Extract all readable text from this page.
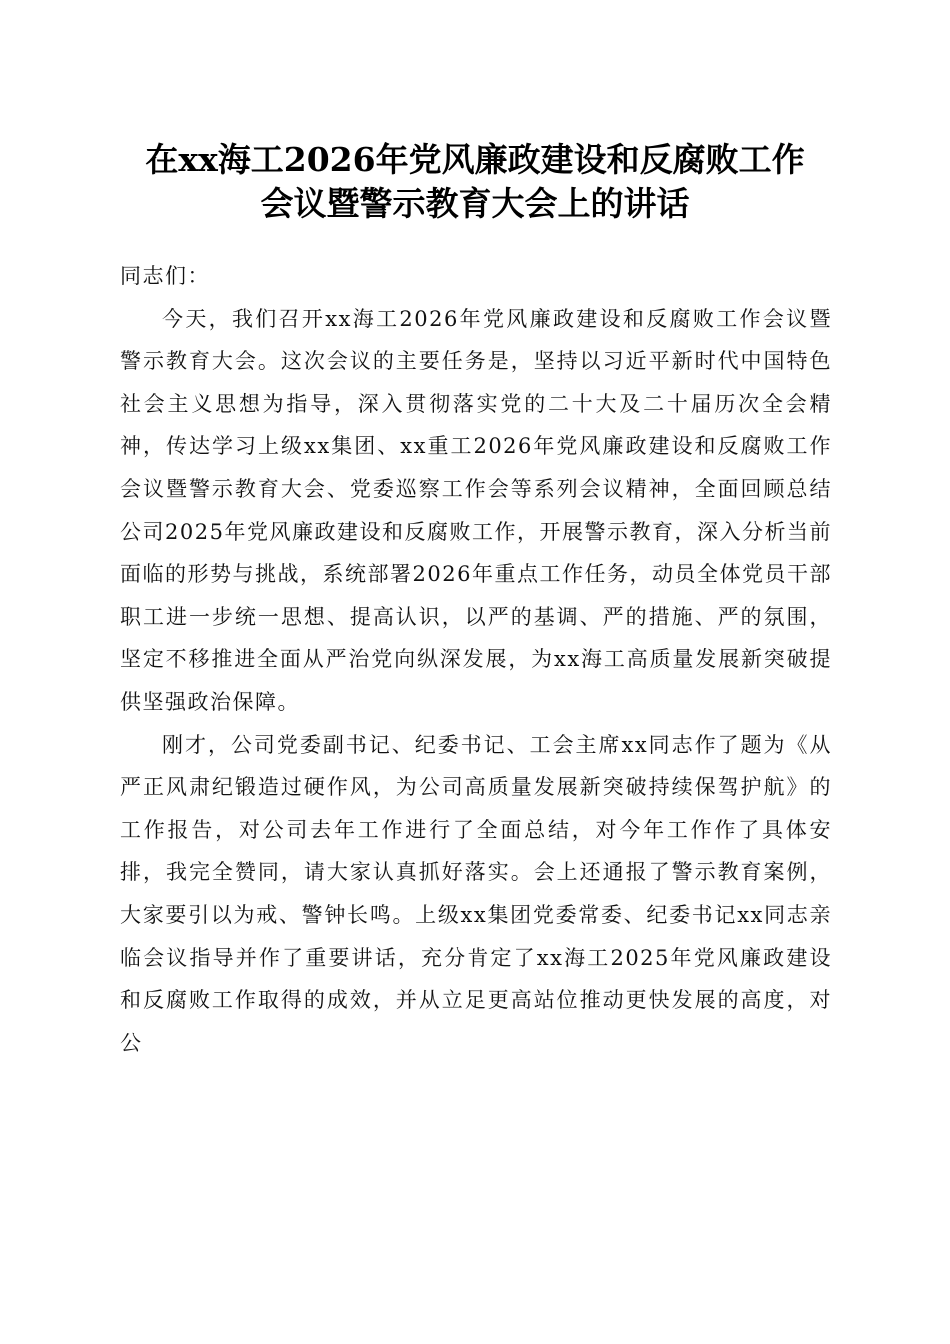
在xx海工2026年党风廉政建设和反腐败工作
会议暨警示教育大会上的讲话

同志们：

今天，我们召开xx海工2026年党风廉政建设和反腐败工作会议暨警示教育大会。这次会议的主要任务是，坚持以习近平新时代中国特色社会主义思想为指导，深入贯彻落实党的二十大及二十届历次全会精神，传达学习上级xx集团、xx重工2026年党风廉政建设和反腐败工作会议暨警示教育大会、党委巡察工作会等系列会议精神，全面回顾总结公司2025年党风廉政建设和反腐败工作，开展警示教育，深入分析当前面临的形势与挑战，系统部署2026年重点工作任务，动员全体党员干部职工进一步统一思想、提高认识，以严的基调、严的措施、严的氛围，坚定不移推进全面从严治党向纵深发展，为xx海工高质量发展新突破提供坚强政治保障。

刚才，公司党委副书记、纪委书记、工会主席xx同志作了题为《从严正风肃纪锻造过硬作风，为公司高质量发展新突破持续保驾护航》的工作报告，对公司去年工作进行了全面总结，对今年工作作了具体安排，我完全赞同，请大家认真抓好落实。会上还通报了警示教育案例，大家要引以为戒、警钟长鸣。上级xx集团党委常委、纪委书记xx同志亲临会议指导并作了重要讲话，充分肯定了xx海工2025年党风廉政建设和反腐败工作取得的成效，并从立足更高站位推动更快发展的高度，对公
